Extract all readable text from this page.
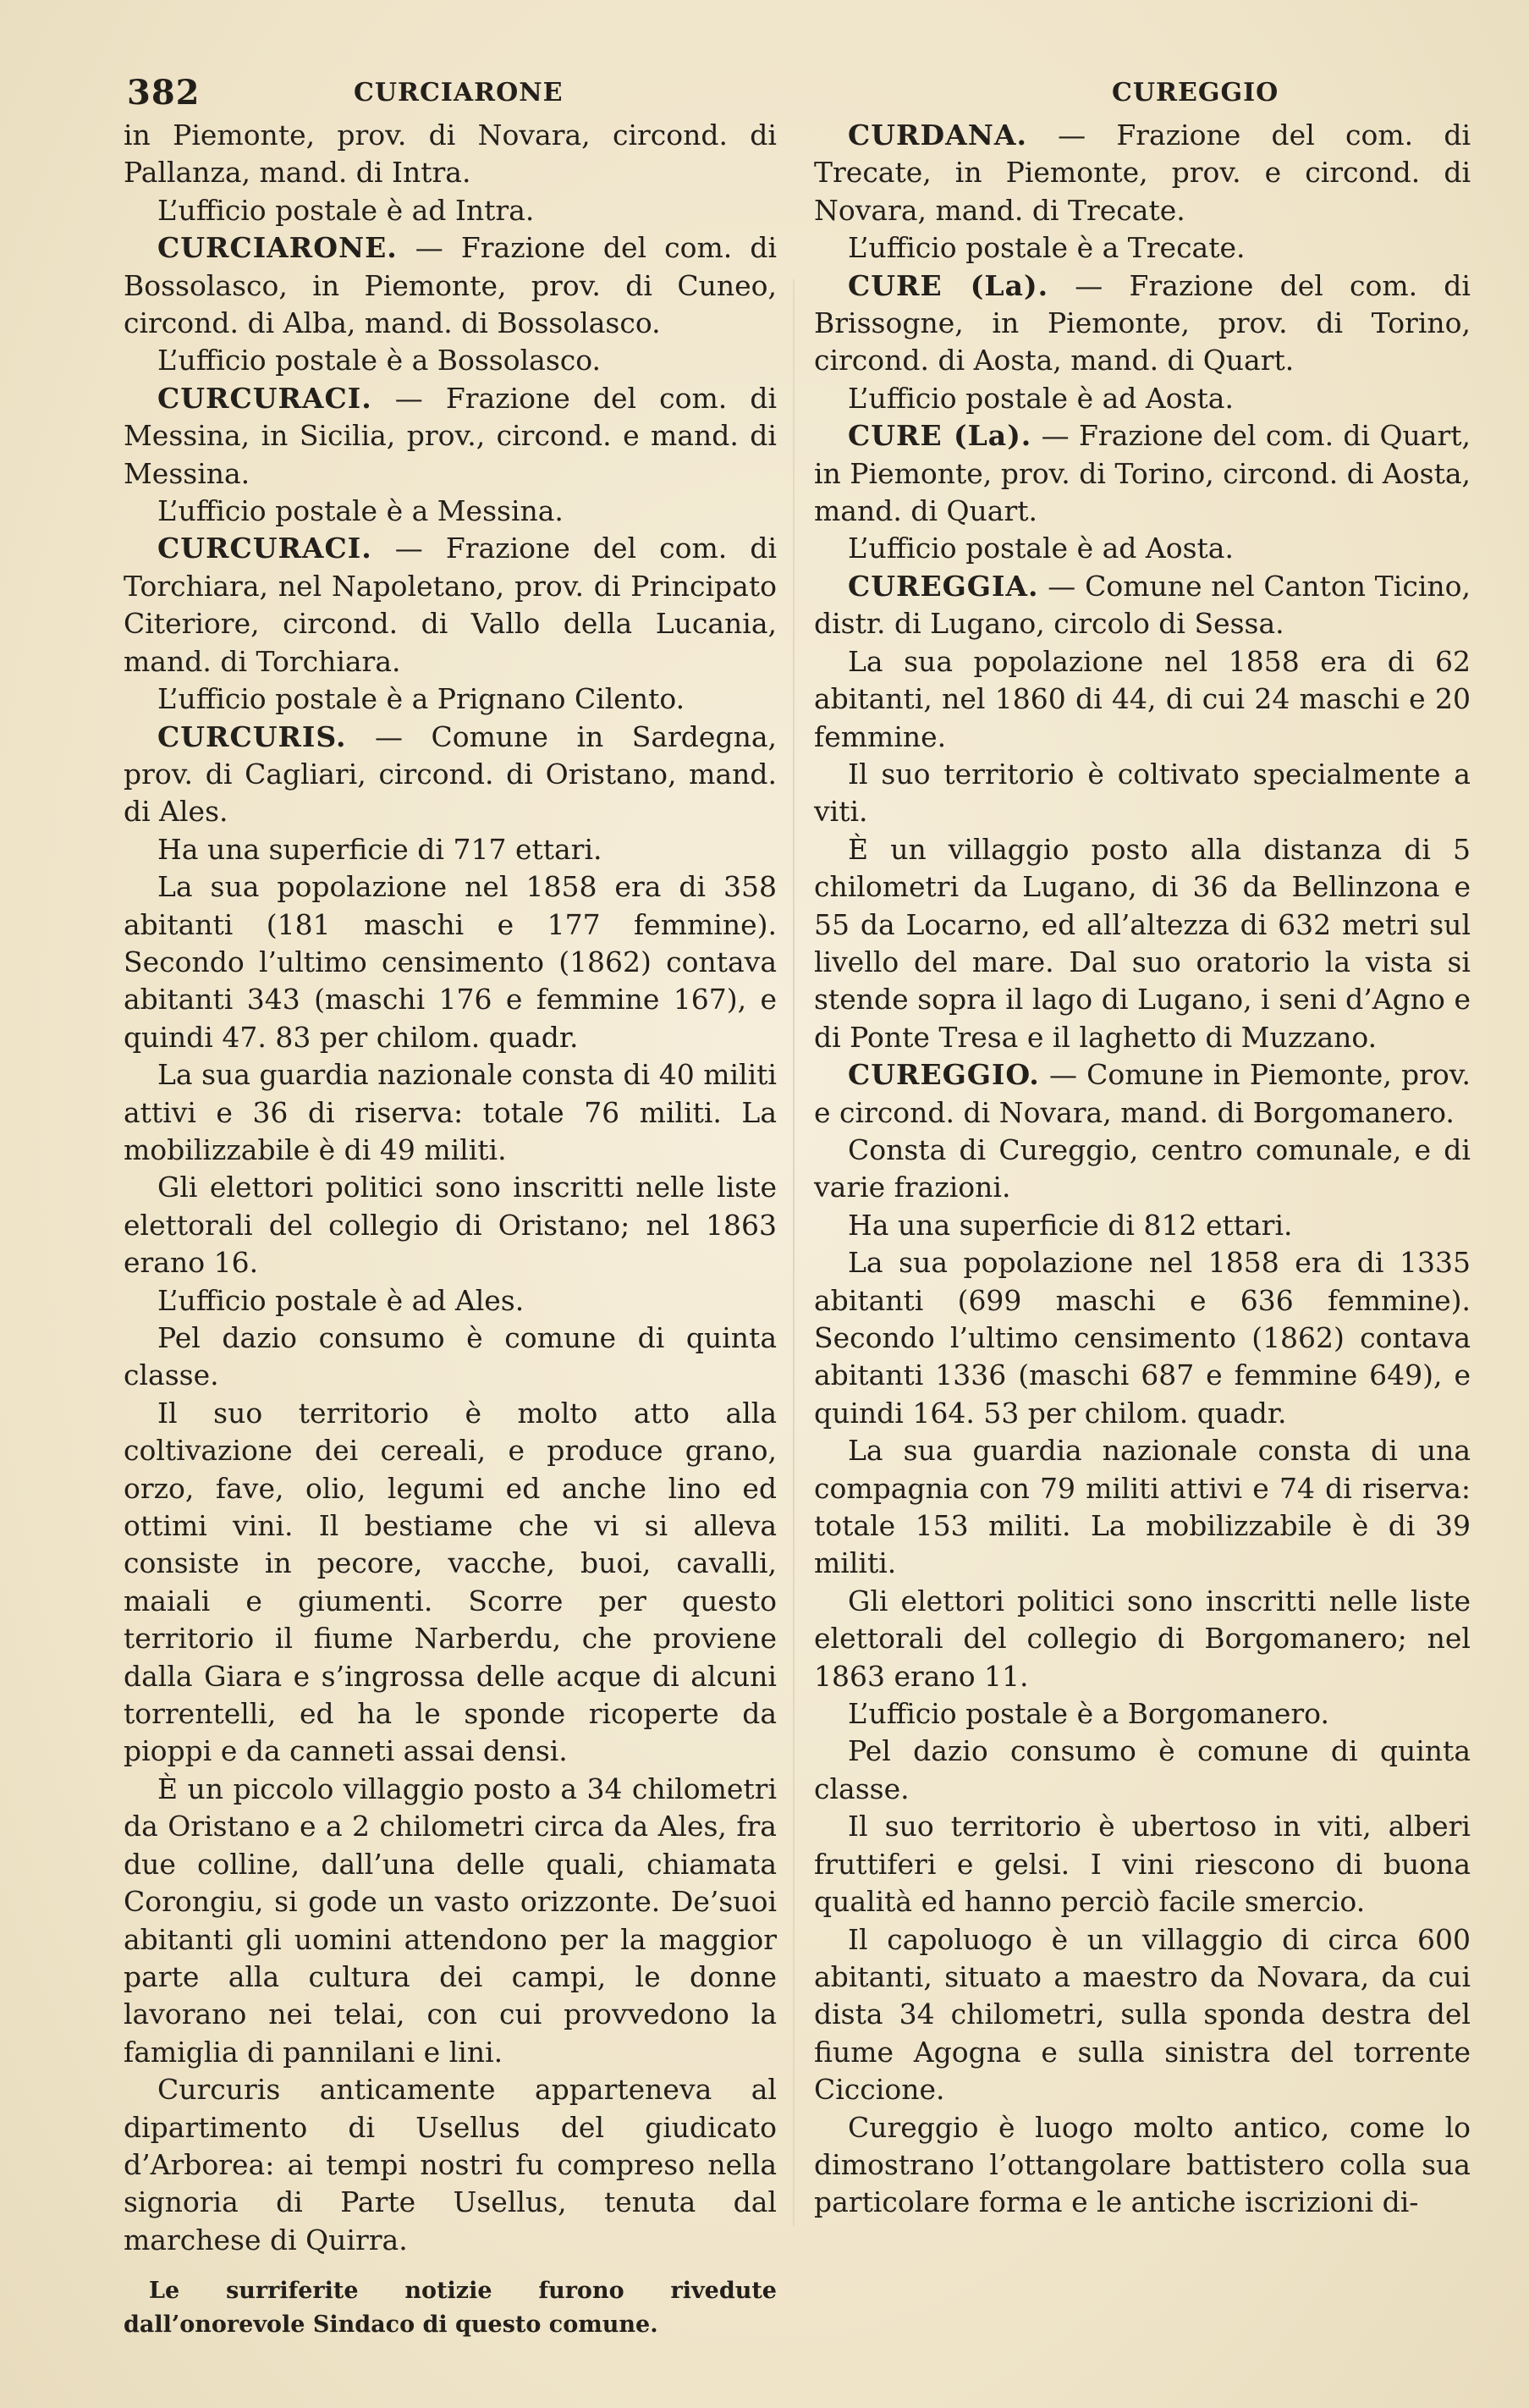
382	CURCIARONE	CUREGGIO

in Piemonte, prov. di Novara, circond. di Pallanza, mand. di Intra.

L’ufficio postale è ad Intra.

CURCIARONE. — Frazione del com. di Bossolasco, in Piemonte, prov. di Cuneo, circond. di Alba, mand. di Bossolasco.

L’ufficio postale è a Bossolasco.

CURCURACI. — Frazione del com. di Messina, in Sicilia, prov., circond. e mand. di Messina.

L’ufficio postale è a Messina.

CURCURACI. — Frazione del com. di Torchiara, nel Napoletano, prov. di Principato Citeriore, circond. di Vallo della Lucania, mand. di Torchiara.

L’ufficio postale è a Prignano Cilento.

CURCURIS. — Comune in Sardegna, prov. di Cagliari, circond. di Oristano, mand. di Ales.

Ha una superficie di 717 ettari.

La sua popolazione nel 1858 era di 358 abitanti (181 maschi e 177 femmine). Secondo l’ultimo censimento (1862) contava abitanti 343 (maschi 176 e femmine 167), e quindi 47. 83 per chilom. quadr.

La sua guardia nazionale consta di 40 militi attivi e 36 di riserva: totale 76 militi. La mobilizzabile è di 49 militi.

Gli elettori politici sono inscritti nelle liste elettorali del collegio di Oristano; nel 1863 erano 16.

L’ufficio postale è ad Ales.

Pel dazio consumo è comune di quinta classe.

Il suo territorio è molto atto alla coltivazione dei cereali, e produce grano, orzo, fave, olio, legumi ed anche lino ed ottimi vini. Il bestiame che vi si alleva consiste in pecore, vacche, buoi, cavalli, maiali e giumenti. Scorre per questo territorio il fiume Narberdu, che proviene dalla Giara e s’ingrossa delle acque di alcuni torrentelli, ed ha le sponde ricoperte da pioppi e da canneti assai densi.

È un piccolo villaggio posto a 34 chilometri da Oristano e a 2 chilometri circa da Ales, fra due colline, dall’una delle quali, chiamata Corongiu, si gode un vasto orizzonte. De’suoi abitanti gli uomini attendono per la maggior parte alla cultura dei campi, le donne lavorano nei telai, con cui provvedono la famiglia di pannilani e lini.

Curcuris anticamente apparteneva al dipartimento di Usellus del giudicato d’Arborea: ai tempi nostri fu compreso nella signoria di Parte Usellus, tenuta dal marchese di Quirra.

Le surriferite notizie furono rivedute dall’onorevole Sindaco di questo comune.

CURDANA. — Frazione del com. di Trecate, in Piemonte, prov. e circond. di Novara, mand. di Trecate.

L’ufficio postale è a Trecate.

CURE (La). — Frazione del com. di Brissogne, in Piemonte, prov. di Torino, circond. di Aosta, mand. di Quart.

L’ufficio postale è ad Aosta.

CURE (La). — Frazione del com. di Quart, in Piemonte, prov. di Torino, circond. di Aosta, mand. di Quart.

L’ufficio postale è ad Aosta.

CUREGGIA. — Comune nel Canton Ticino, distr. di Lugano, circolo di Sessa.

La sua popolazione nel 1858 era di 62 abitanti, nel 1860 di 44, di cui 24 maschi e 20 femmine.

Il suo territorio è coltivato specialmente a viti.

È un villaggio posto alla distanza di 5 chilometri da Lugano, di 36 da Bellinzona e 55 da Locarno, ed all’altezza di 632 metri sul livello del mare. Dal suo oratorio la vista si stende sopra il lago di Lugano, i seni d’Agno e di Ponte Tresa e il laghetto di Muzzano.

CUREGGIO. — Comune in Piemonte, prov. e circond. di Novara, mand. di Borgomanero.

Consta di Cureggio, centro comunale, e di varie frazioni.

Ha una superficie di 812 ettari.

La sua popolazione nel 1858 era di 1335 abitanti (699 maschi e 636 femmine). Secondo l’ultimo censimento (1862) contava abitanti 1336 (maschi 687 e femmine 649), e quindi 164. 53 per chilom. quadr.

La sua guardia nazionale consta di una compagnia con 79 militi attivi e 74 di riserva: totale 153 militi. La mobilizzabile è di 39 militi.

Gli elettori politici sono inscritti nelle liste elettorali del collegio di Borgomanero; nel 1863 erano 11.

L’ufficio postale è a Borgomanero.

Pel dazio consumo è comune di quinta classe.

Il suo territorio è ubertoso in viti, alberi fruttiferi e gelsi. I vini riescono di buona qualità ed hanno perciò facile smercio.

Il capoluogo è un villaggio di circa 600 abitanti, situato a maestro da Novara, da cui dista 34 chilometri, sulla sponda destra del fiume Agogna e sulla sinistra del torrente Ciccione.

Cureggio è luogo molto antico, come lo dimostrano l’ottangolare battistero colla sua particolare forma e le antiche iscrizioni di-
